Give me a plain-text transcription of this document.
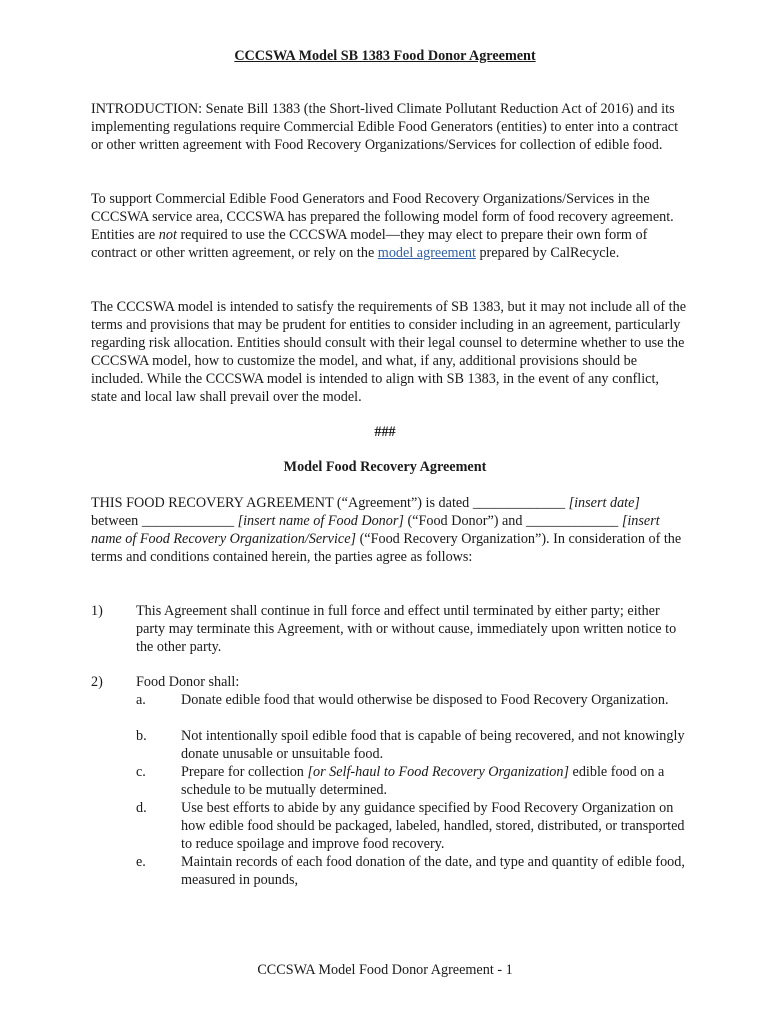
CCCSWA Model SB 1383 Food Donor Agreement

INTRODUCTION: Senate Bill 1383 (the Short-lived Climate Pollutant Reduction Act of 2016) and its implementing regulations require Commercial Edible Food Generators (entities) to enter into a contract or other written agreement with Food Recovery Organizations/Services for collection of edible food.

To support Commercial Edible Food Generators and Food Recovery Organizations/Services in the CCCSWA service area, CCCSWA has prepared the following model form of food recovery agreement. Entities are not required to use the CCCSWA model—they may elect to prepare their own form of contract or other written agreement, or rely on the model agreement prepared by CalRecycle.

The CCCSWA model is intended to satisfy the requirements of SB 1383, but it may not include all of the terms and provisions that may be prudent for entities to consider including in an agreement, particularly regarding risk allocation. Entities should consult with their legal counsel to determine whether to use the CCCSWA model, how to customize the model, and what, if any, additional provisions should be included. While the CCCSWA model is intended to align with SB 1383, in the event of any conflict, state and local law shall prevail over the model.

###
Model Food Recovery Agreement

THIS FOOD RECOVERY AGREEMENT (“Agreement”) is dated _____________ [insert date] between _____________ [insert name of Food Donor] (“Food Donor”) and _____________ [insert name of Food Recovery Organization/Service] (“Food Recovery Organization”). In consideration of the terms and conditions contained herein, the parties agree as follows:

1) This Agreement shall continue in full force and effect until terminated by either party; either party may terminate this Agreement, with or without cause, immediately upon written notice to the other party.

2) Food Donor shall:

a. Donate edible food that would otherwise be disposed to Food Recovery Organization.

b. Not intentionally spoil edible food that is capable of being recovered, and not knowingly donate unusable or unsuitable food.

c. Prepare for collection [or Self-haul to Food Recovery Organization] edible food on a schedule to be mutually determined.

d. Use best efforts to abide by any guidance specified by Food Recovery Organization on how edible food should be packaged, labeled, handled, stored, distributed, or transported to reduce spoilage and improve food recovery.

e. Maintain records of each food donation of the date, and type and quantity of edible food, measured in pounds,

CCCSWA Model Food Donor Agreement - 1
